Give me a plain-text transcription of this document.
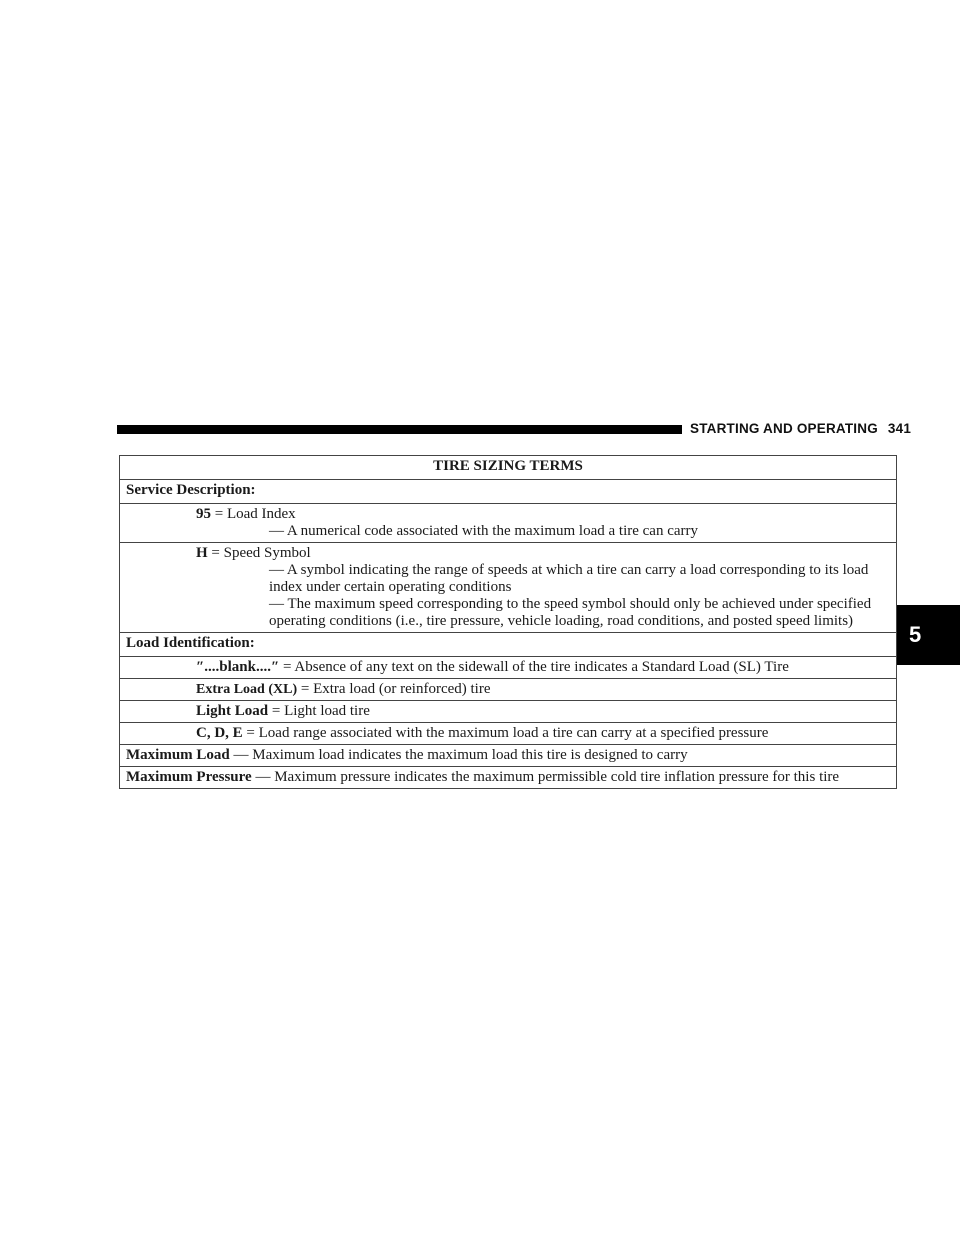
STARTING AND OPERATING 341
5
TIRE SIZING TERMS
Service Description:

95 = Load Index
— A numerical code associated with the maximum load a tire can carry

H = Speed Symbol
— A symbol indicating the range of speeds at which a tire can carry a load corresponding to its load index under certain operating conditions
— The maximum speed corresponding to the speed symbol should only be achieved under specified operating conditions (i.e., tire pressure, vehicle loading, road conditions, and posted speed limits)

Load Identification:

″....blank....″ = Absence of any text on the sidewall of the tire indicates a Standard Load (SL) Tire

Extra Load (XL) = Extra load (or reinforced) tire

Light Load = Light load tire

C, D, E = Load range associated with the maximum load a tire can carry at a specified pressure

Maximum Load — Maximum load indicates the maximum load this tire is designed to carry
Maximum Pressure — Maximum pressure indicates the maximum permissible cold tire inflation pressure for this tire
